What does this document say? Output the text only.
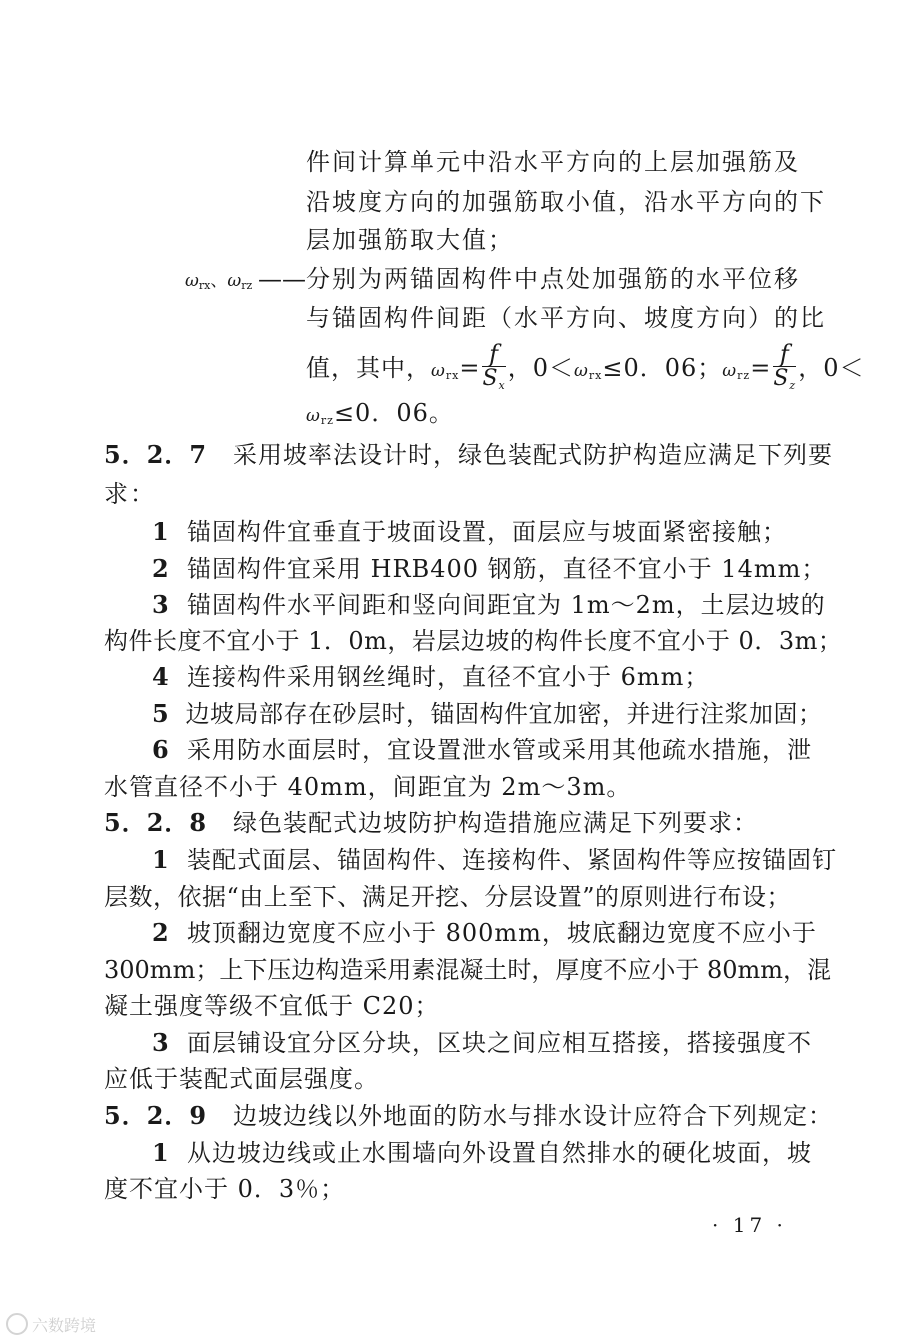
件间计算单元中沿水平方向的上层加强筋及
沿坡度方向的加强筋取小值，沿水平方向的下
层加强筋取大值；
$\omega_{rx}$、$\omega_{rz}$ —— 分别为两锚固构件中点处加强筋的水平位移
与锚固构件间距（水平方向、坡度方向）的比
值，其中，$\omega_{rx}= \frac{f}{Sx}$ ，$0<\omega_{rx}\le 0$．06；$\omega_{rz}= \frac{f}{Sz}$ ，0＜
$\omega_{rz}\le 0$．06。
5．2．7 采用坡率法设计时，绿色装配式防护构造应满足下列要
求：
1 锚固构件宜垂直于坡面设置，面层应与坡面紧密接触；
2 锚固构件宜采用 HRB400 钢筋，直径不宜小于 14mm；
3 锚固构件水平间距和竖向间距宜为 1m～2m，土层边坡的
构件长度不宜小于 1．0m，岩层边坡的构件长度不宜小于 0．3m；
4 连接构件采用钢丝绳时，直径不宜小于 6mm；
5 边坡局部存在砂层时，锚固构件宜加密，并进行注浆加固；
6 采用防水面层时，宜设置泄水管或采用其他疏水措施，泄
水管直径不小于 40mm，间距宜为 2m～3m。
5．2．8 绿色装配式边坡防护构造措施应满足下列要求：
1 装配式面层、锚固构件、连接构件、紧固构件等应按锚固钉
层数，依据“由上至下、满足开挖、分层设置”的原则进行布设；
2 坡顶翻边宽度不应小于 800mm，坡底翻边宽度不应小于
300mm；上下压边构造采用素混凝土时，厚度不应小于 80mm，混
凝土强度等级不宜低于 C20；
3 面层铺设宜分区分块，区块之间应相互搭接，搭接强度不
应低于装配式面层强度。
5．2．9 边坡边线以外地面的防水与排水设计应符合下列规定：
1 从边坡边线或止水围墙向外设置自然排水的硬化坡面，坡
度不宜小于 0．3％；
· 17 ·
六数跨境
